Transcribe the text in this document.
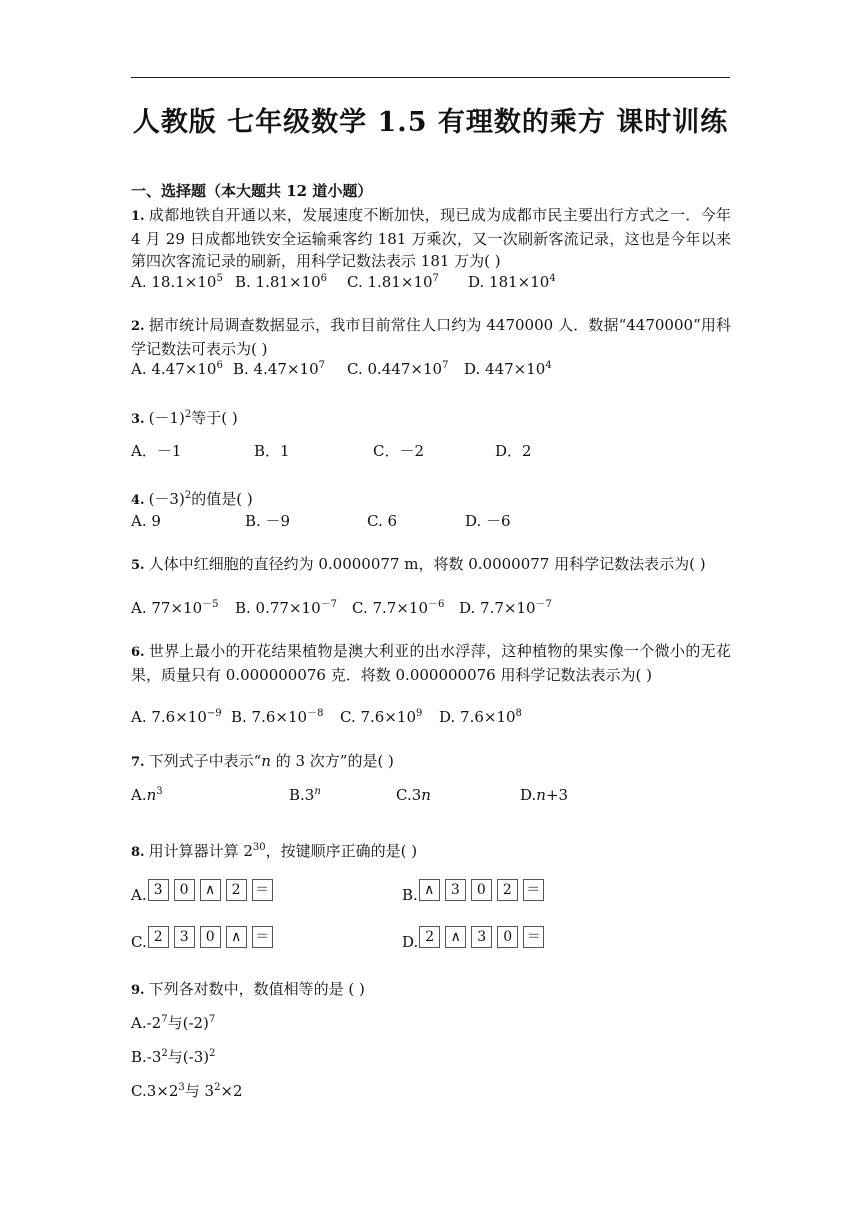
人教版 七年级数学 1.5 有理数的乘方 课时训练
一、选择题（本大题共 12 道小题）
1. 成都地铁自开通以来，发展速度不断加快，现已成为成都市民主要出行方式之一．今年 4 月 29 日成都地铁安全运输乘客约 181 万乘次，又一次刷新客流记录，这也是今年以来第四次客流记录的刷新，用科学记数法表示 181 万为( )
A. $18.1\times 10^5$ B. $1.81\times 10^6$ C. $1.81\times 10^7$ D. $181\times 10^4$
2. 据市统计局调查数据显示，我市目前常住人口约为 4470000 人．数据“4470000”用科学记数法可表示为( )
A. $4.47\times 10^6$ B. $4.47\times 10^7$ C. $0.447\times 10^7$ D. $447\times 10^4$
3. $(-1)^2$等于( )
A．－1	B．1	C．－2	D．2
4. $(-3)^2$的值是( )
A. 9	B. －9	C. 6	D. －6
5. 人体中红细胞的直径约为 0.0000077 m，将数 0.0000077 用科学记数法表示为( )
A. $77\times 10^{-5}$ B. $0.77\times 10^{-7}$ C. $7.7\times 10^{-6}$ D. $7.7\times 10^{-7}$
6. 世界上最小的开花结果植物是澳大利亚的出水浮萍，这种植物的果实像一个微小的无花果，质量只有 0.000000076 克．将数 0.000000076 用科学记数法表示为( )
A. $7.6\times 10^{-9}$ B. $7.6\times 10^{-8}$ C. $7.6\times 10^9$ D. $7.6\times 10^8$
7. 下列式子中表示“n 的 3 次方”的是( )
$A.n^3$	B.3$^n$	C.3n	D.n+3
8. 用计算器计算 $2^{30}$，按键顺序正确的是( )
A. 3 0 ∧ 2 ＝	B. ∧ 3 0 2 ＝
C. 2 3 0 ∧ ＝	D. 2 ∧ 3 0 ＝
9. 下列各对数中，数值相等的是 ( )
$A.-2^7$与$(-2)^7$
$B.-3^2$与$(-3)^2$
$C.3\times 2^3$与 $3^2\times 2$
